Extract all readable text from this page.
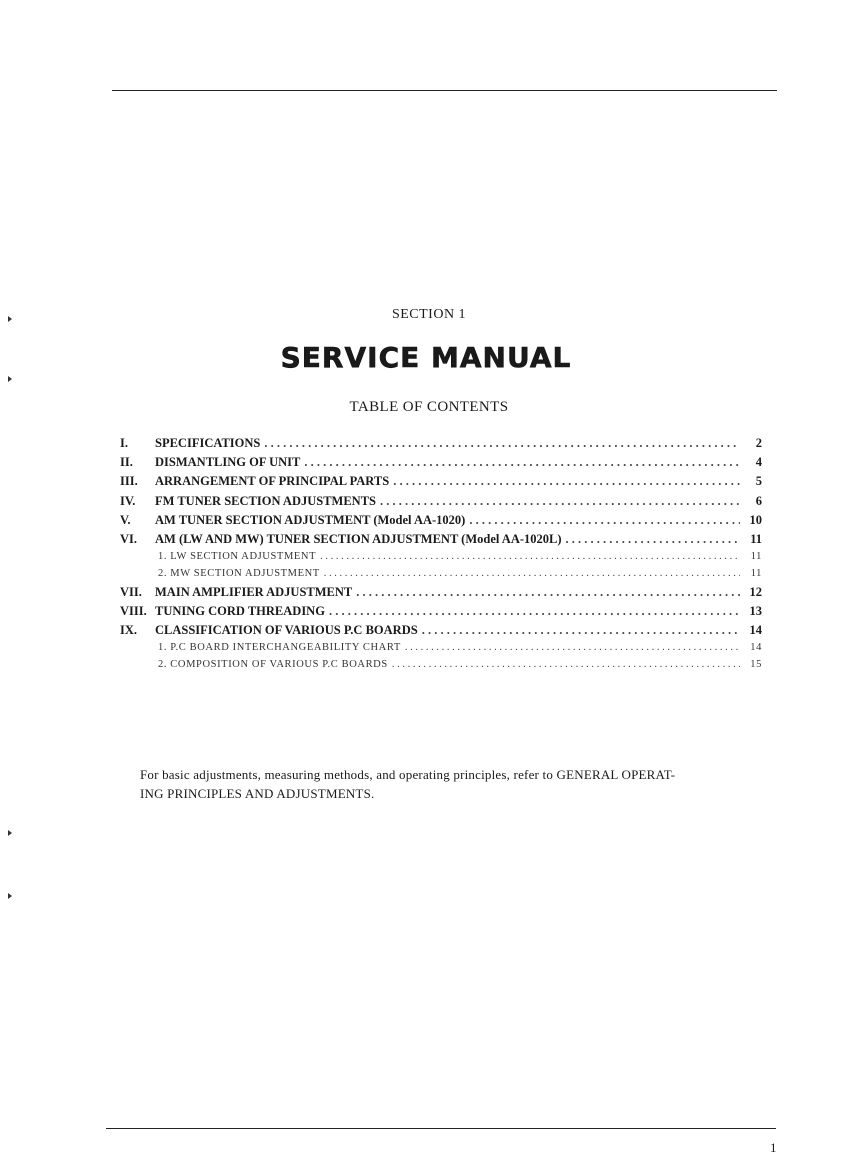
SECTION 1
SERVICE MANUAL
TABLE OF CONTENTS
I.	SPECIFICATIONS . . .	2
II.	DISMANTLING OF UNIT . . .	4
III.	ARRANGEMENT OF PRINCIPAL PARTS . . .	5
IV.	FM TUNER SECTION ADJUSTMENTS . . .	6
V.	AM TUNER SECTION ADJUSTMENT (Model AA-1020) . . .	10
VI.	AM (LW AND MW) TUNER SECTION ADJUSTMENT (Model AA-1020L) . . .	11
1. LW SECTION ADJUSTMENT . . .	11
2. MW SECTION ADJUSTMENT . . .	11
VII.	MAIN AMPLIFIER ADJUSTMENT . . .	12
VIII. TUNING CORD THREADING . . .	13
IX.	CLASSIFICATION OF VARIOUS P.C BOARDS . . .	14
1. P.C BOARD INTERCHANGEABILITY CHART . . .	14
2. COMPOSITION OF VARIOUS P.C BOARDS . . .	15
For basic adjustments, measuring methods, and operating principles, refer to GENERAL OPERAT-
ING PRINCIPLES AND ADJUSTMENTS.
1
